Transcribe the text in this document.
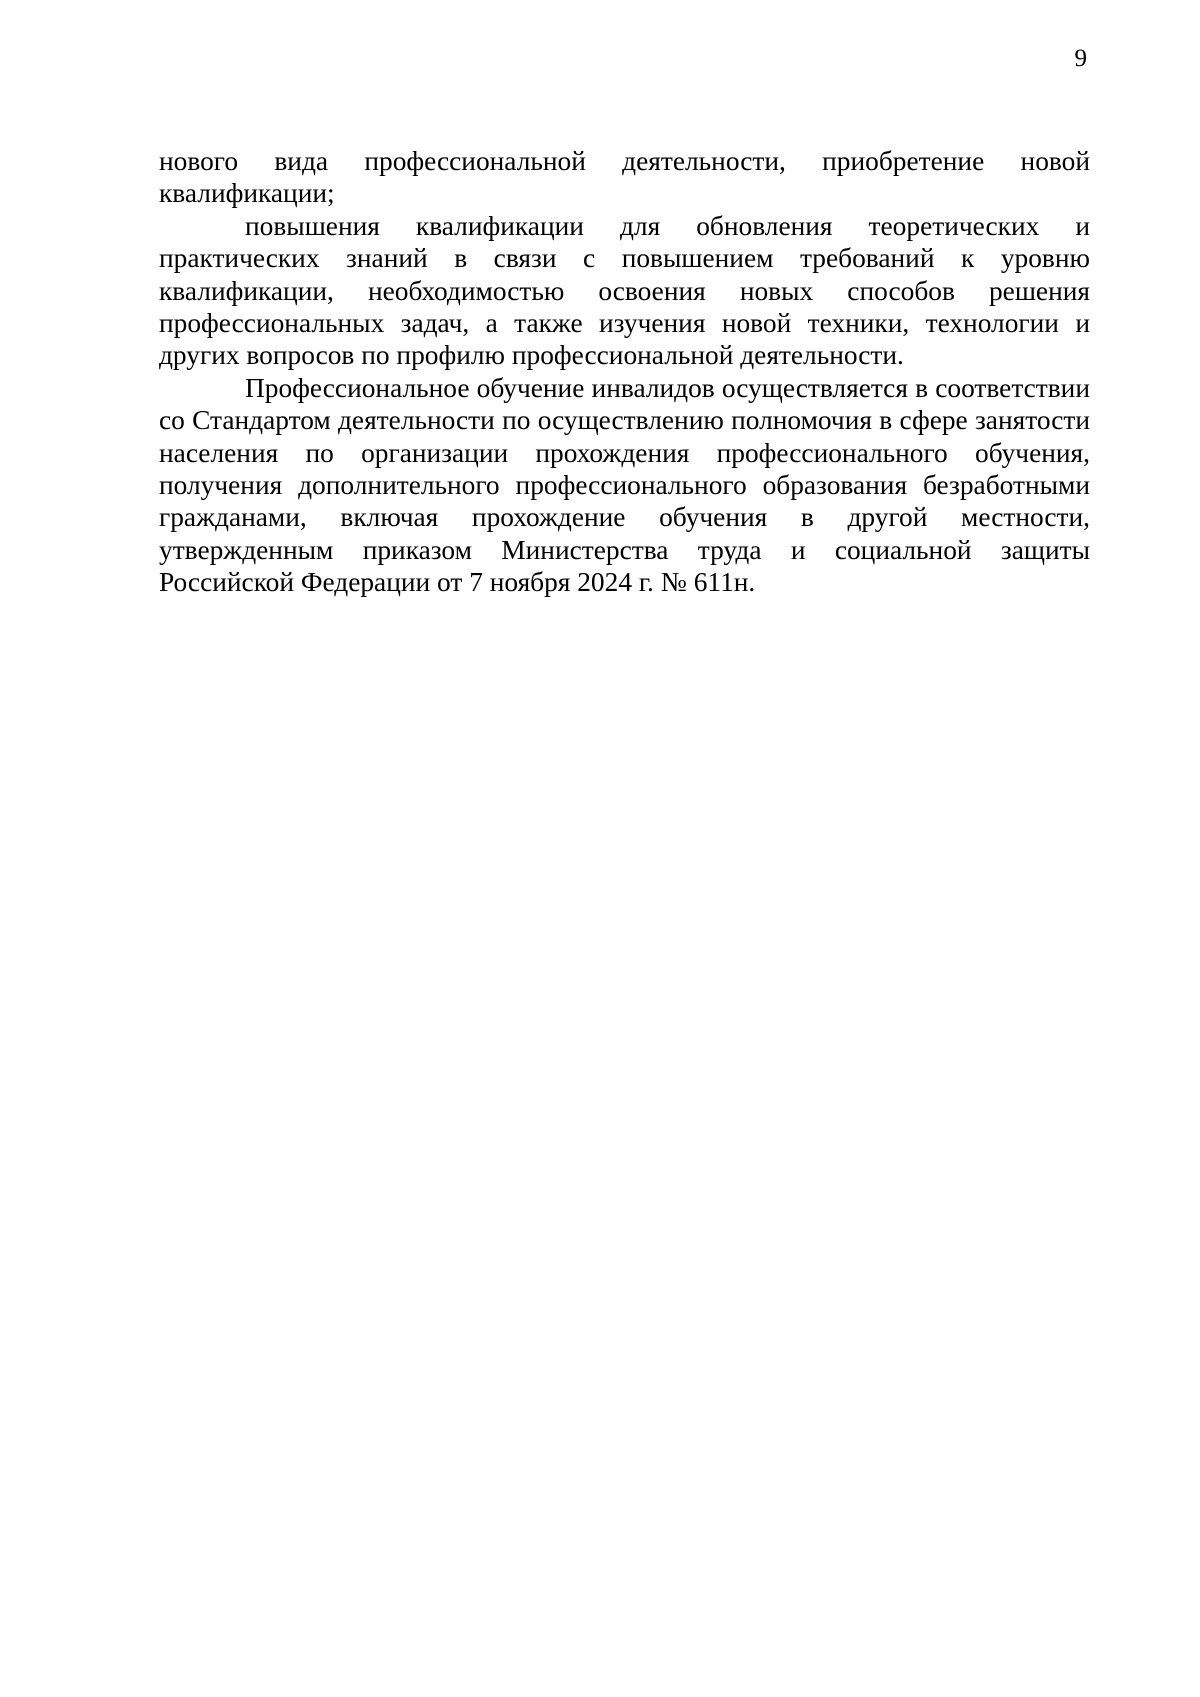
9

нового вида профессиональной деятельности, приобретение новой квалификации;

повышения квалификации для обновления теоретических и практических знаний в связи с повышением требований к уровню квалификации, необходимостью освоения новых способов решения профессиональных задач, а также изучения новой техники, технологии и других вопросов по профилю профессиональной деятельности.

Профессиональное обучение инвалидов осуществляется в соответствии со Стандартом деятельности по осуществлению полномочия в сфере занятости населения по организации прохождения профессионального обучения, получения дополнительного профессионального образования безработными гражданами, включая прохождение обучения в другой местности, утвержденным приказом Министерства труда и социальной защиты Российской Федерации от 7 ноября 2024 г. № 611н.
